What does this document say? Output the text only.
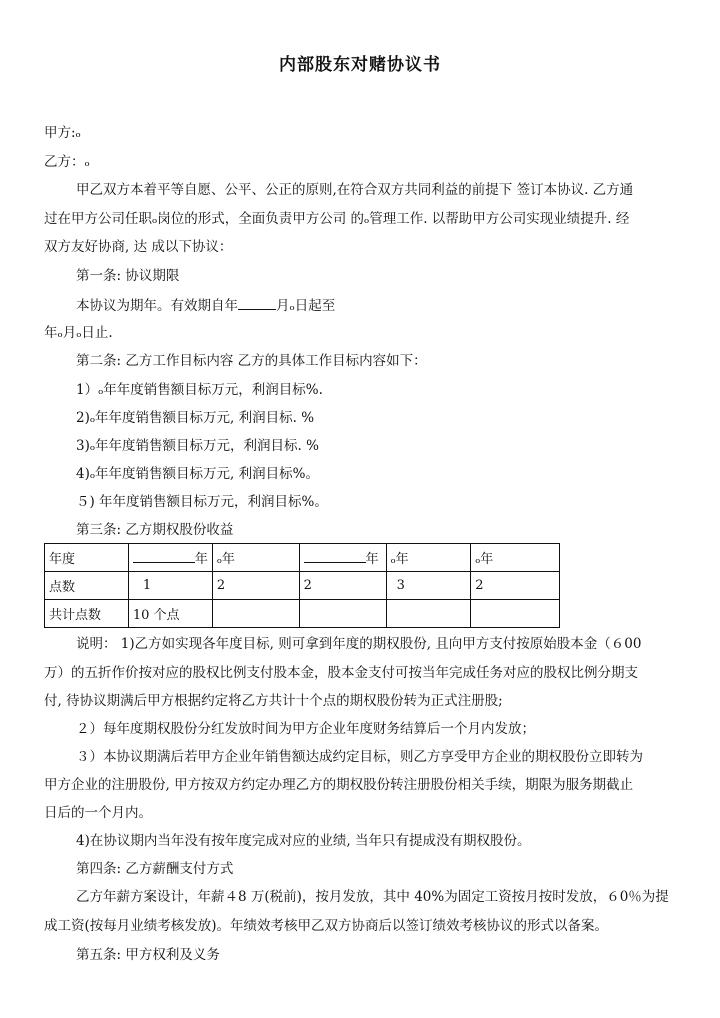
内部股东对赌协议书
甲方:ₒ
乙方：ₒ
甲乙双方本着平等自愿、公平、公正的原则,在符合双方共同利益的前提下 签订本协议. 乙方通
过在甲方公司任职ₒ岗位的形式，全面负责甲方公司 的ₒ管理工作. 以帮助甲方公司实现业绩提升. 经
双方友好协商, 达 成以下协议：
第一条: 协议期限
本协议为期年。有效期自年	月ₒ日起至
年ₒ月ₒ日止.
第二条: 乙方工作目标内容 乙方的具体工作目标内容如下：
1）ₒ年年度销售额目标万元，利润目标%.
2)ₒ年年度销售额目标万元, 利润目标. %
3)ₒ年年度销售额目标万元，利润目标. %
4)ₒ年年度销售额目标万元, 利润目标%。
５) 年年度销售额目标万元，利润目标%。
第三条: 乙方期权股份收益
年度	年	ₒ年	年	ₒ年	ₒ年
点数	1	2	2	3	2
共计点数	10 个点				
说明： 1)乙方如实现各年度目标, 则可拿到年度的期权股份, 且向甲方支付按原始股本金（６00
万）的五折作价按对应的股权比例支付股本金，股本金支付可按当年完成任务对应的股权比例分期支
付, 待协议期满后甲方根据约定将乙方共计十个点的期权股份转为正式注册股;
２）每年度期权股份分红发放时间为甲方企业年度财务结算后一个月内发放；
３）本协议期满后若甲方企业年销售额达成约定目标，则乙方享受甲方企业的期权股份立即转为
甲方企业的注册股份, 甲方按双方约定办理乙方的期权股份转注册股份相关手续，期限为服务期截止
日后的一个月内。
4)在协议期内当年没有按年度完成对应的业绩, 当年只有提成没有期权股份。
第四条: 乙方薪酬支付方式
乙方年薪方案设计，年薪４8 万(税前)，按月发放，其中 40%为固定工资按月按时发放，６0％为提
成工资(按每月业绩考核发放)。年绩效考核甲乙双方协商后以签订绩效考核协议的形式以备案。
第五条: 甲方权利及义务
